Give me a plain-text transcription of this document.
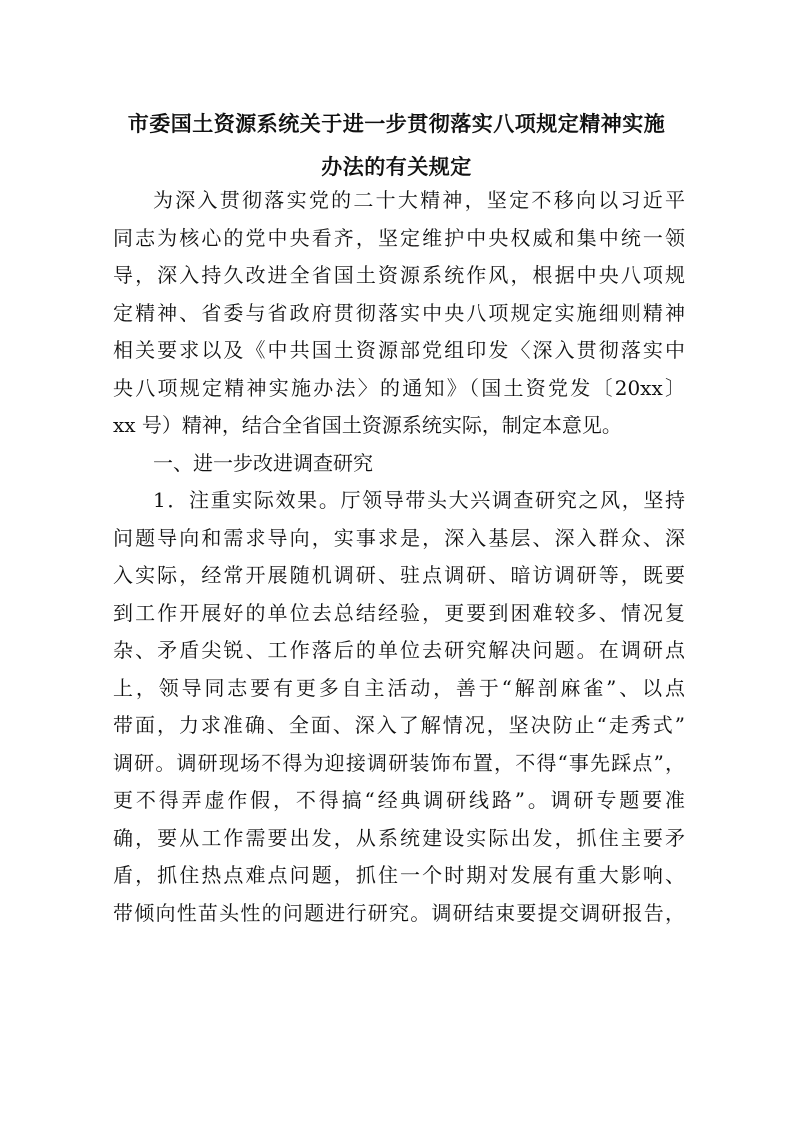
市委国土资源系统关于进一步贯彻落实八项规定精神实施
办法的有关规定
为深入贯彻落实党的二十大精神，坚定不移向以习近平
同志为核心的党中央看齐，坚定维护中央权威和集中统一领
导，深入持久改进全省国土资源系统作风，根据中央八项规
定精神、省委与省政府贯彻落实中央八项规定实施细则精神
相关要求以及《中共国土资源部党组印发〈深入贯彻落实中
央八项规定精神实施办法〉的通知》（国土资党发〔20xx〕
xx 号）精神，结合全省国土资源系统实际，制定本意见。
一、进一步改进调查研究
1．注重实际效果。厅领导带头大兴调查研究之风，坚持
问题导向和需求导向，实事求是，深入基层、深入群众、深
入实际，经常开展随机调研、驻点调研、暗访调研等，既要
到工作开展好的单位去总结经验，更要到困难较多、情况复
杂、矛盾尖锐、工作落后的单位去研究解决问题。在调研点
上，领导同志要有更多自主活动，善于“解剖麻雀”、以点
带面，力求准确、全面、深入了解情况，坚决防止“走秀式”
调研。调研现场不得为迎接调研装饰布置，不得“事先踩点”，
更不得弄虚作假，不得搞“经典调研线路”。调研专题要准
确，要从工作需要出发，从系统建设实际出发，抓住主要矛
盾，抓住热点难点问题，抓住一个时期对发展有重大影响、
带倾向性苗头性的问题进行研究。调研结束要提交调研报告，
